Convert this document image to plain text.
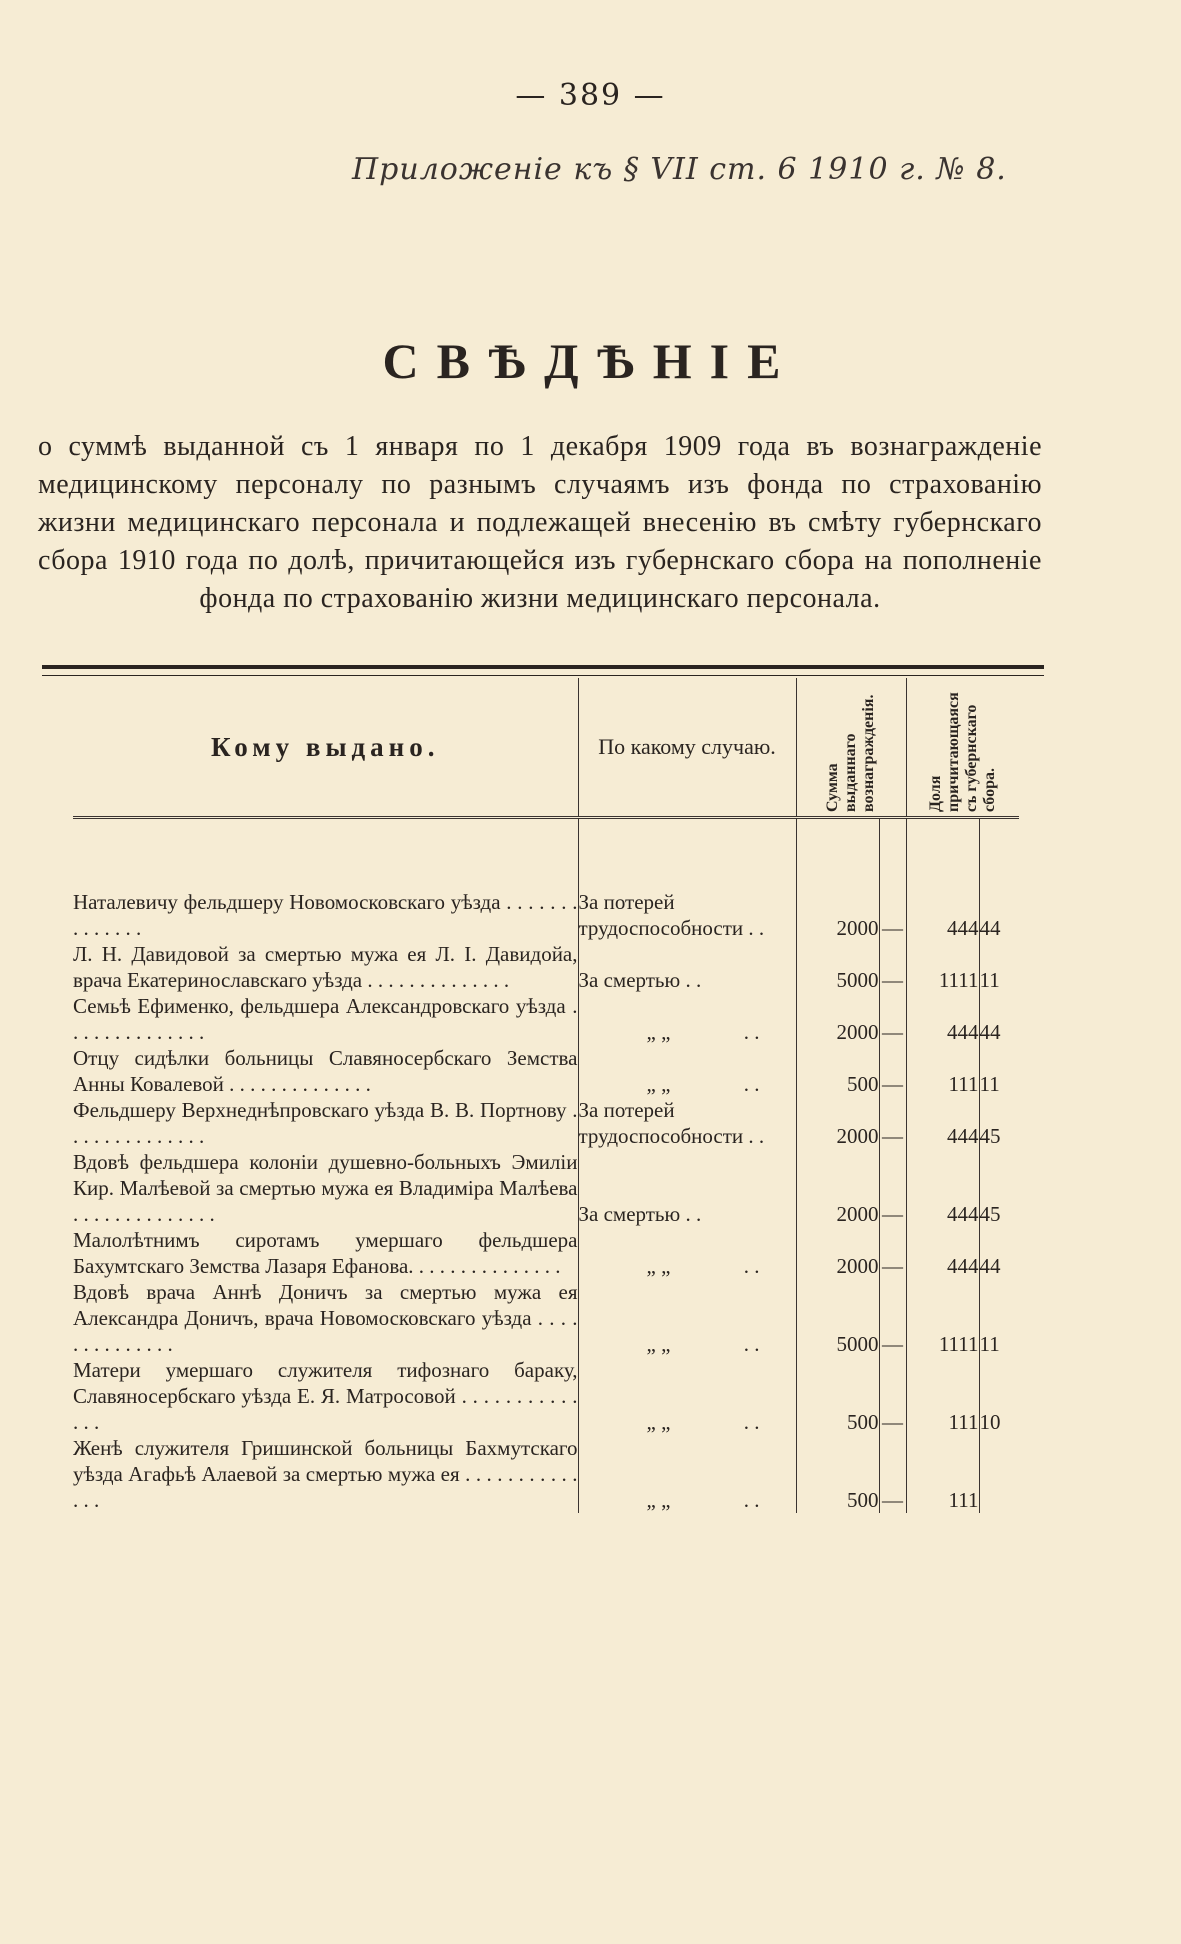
— 389 —
Приложеніе къ § VII ст. 6 1910 г. № 8.
СВѢДѢНІЕ
о суммѣ выданной съ 1 января по 1 декабря 1909 года въ вознагражденіе медицинскому персоналу по разнымъ случаямъ изъ фонда по страхованію жизни медицинскаго персонала и подлежащей внесенію въ смѣту губернскаго сбора 1910 года по долѣ, причитающейся изъ губернскаго сбора на пополненіе фонда по страхованію жизни медицинскаго персонала.
Кому выдано.	По какому случаю.	Сумма выданнаго вознагражденія.		Доля причитающаяся съ губернскаго сбора.	

Наталевичу фельдшеру Новомосковскаго уѣзда . . . . . . . . . . . . . .	За потерей трудоспособности . .	2000	—	444	44
Л. Н. Давидовой за смертью мужа ея Л. І. Давидойа, врача Екатеринославскаго уѣзда . . . . . . . . . . . . . .	За смертью . .	5000	—	1111	11
Семьѣ Ефименко, фельдшера Александровскаго уѣзда . . . . . . . . . . . . . .	„ „ . .	2000	—	444	44
Отцу сидѣлки больницы Славяносербскаго Земства Анны Ковалевой . . . . . . . . . . . . . .	„ „ . .	500	—	111	11
Фельдшеру Верхнеднѣпровскаго уѣзда В. В. Портнову . . . . . . . . . . . . . .	За потерей трудоспособности . .	2000	—	444	45
Вдовѣ фельдшера колоніи душевно-больныхъ Эмиліи Кир. Малѣевой за смертью мужа ея Владиміра Малѣева . . . . . . . . . . . . . .	За смертью . .	2000	—	444	45
Малолѣтнимъ сиротамъ умершаго фельдшера Бахумтскаго Земства Лазаря Ефанова. . . . . . . . . . . . . . .	„ „ . .	2000	—	444	44
Вдовѣ врача Аннѣ Доничъ за смертью мужа ея Александра Доничъ, врача Новомосковскаго уѣзда . . . . . . . . . . . . . .	„ „ . .	5000	—	1111	11
Матери умершаго служителя тифознаго бараку, Славяносербскаго уѣзда Е. Я. Матросовой . . . . . . . . . . . . . .	„ „ . .	500	—	111	10
Женѣ служителя Гришинской больницы Бахмутскаго уѣзда Агафьѣ Алаевой за смертью мужа ея . . . . . . . . . . . . . .	„ „ . .	500	—	111	
